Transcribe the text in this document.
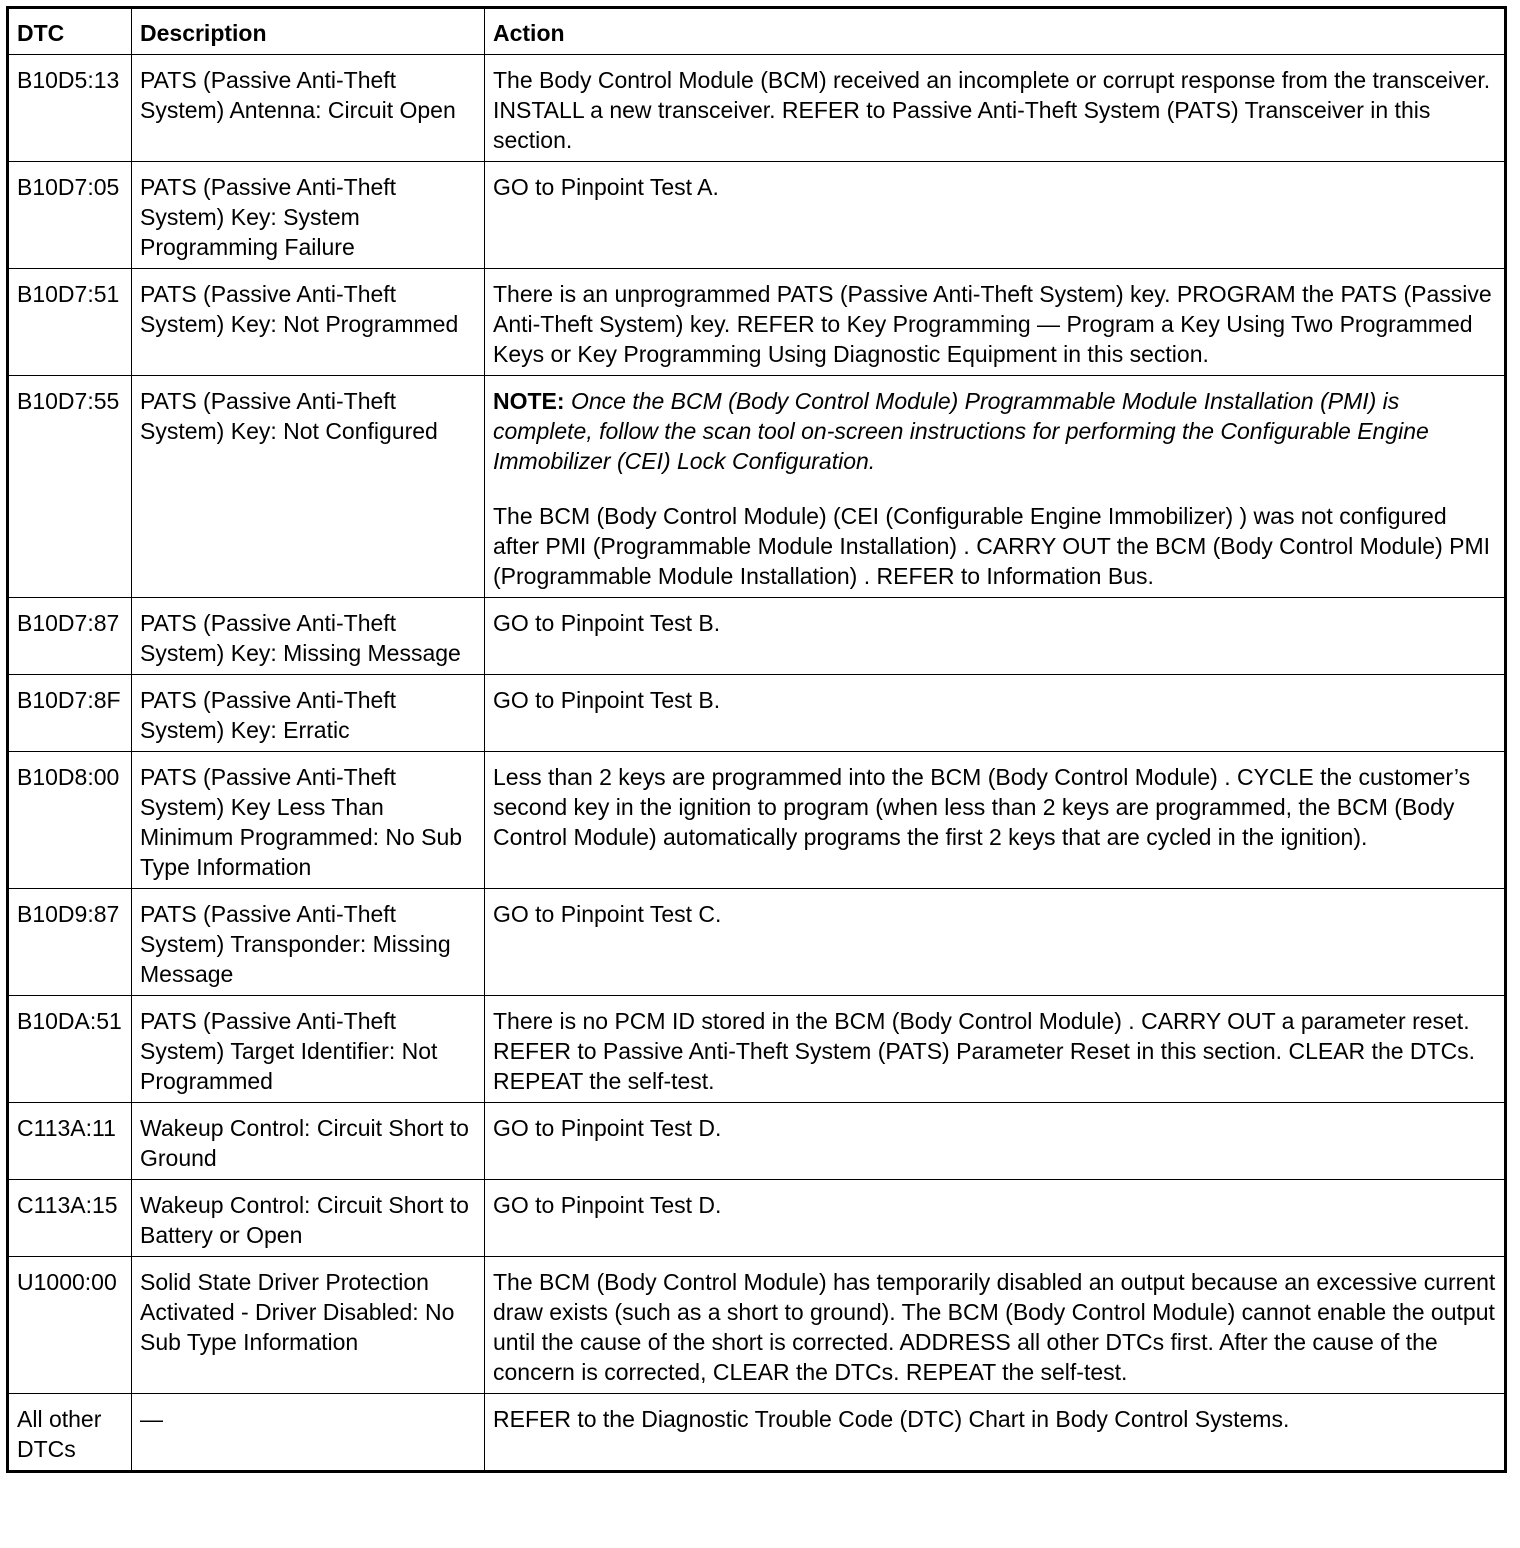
DTC	Description	Action
B10D5:13	PATS (Passive Anti-Theft System) Antenna: Circuit Open	The Body Control Module (BCM) received an incomplete or corrupt response from the transceiver. INSTALL a new transceiver. REFER to Passive Anti-Theft System (PATS) Transceiver in this section.
B10D7:05	PATS (Passive Anti-Theft System) Key: System Programming Failure	GO to Pinpoint Test A.
B10D7:51	PATS (Passive Anti-Theft System) Key: Not Programmed	There is an unprogrammed PATS (Passive Anti-Theft System) key. PROGRAM the PATS (Passive Anti-Theft System) key. REFER to Key Programming — Program a Key Using Two Programmed Keys or Key Programming Using Diagnostic Equipment in this section.
B10D7:55	PATS (Passive Anti-Theft System) Key: Not Configured	NOTE: Once the BCM (Body Control Module) Programmable Module Installation (PMI) is complete, follow the scan tool on-screen instructions for performing the Configurable Engine Immobilizer (CEI) Lock Configuration.
The BCM (Body Control Module) (CEI (Configurable Engine Immobilizer) ) was not configured after PMI (Programmable Module Installation) . CARRY OUT the BCM (Body Control Module) PMI (Programmable Module Installation) . REFER to Information Bus.
B10D7:87	PATS (Passive Anti-Theft System) Key: Missing Message	GO to Pinpoint Test B.
B10D7:8F	PATS (Passive Anti-Theft System) Key: Erratic	GO to Pinpoint Test B.
B10D8:00	PATS (Passive Anti-Theft System) Key Less Than Minimum Programmed: No Sub Type Information	Less than 2 keys are programmed into the BCM (Body Control Module) . CYCLE the customer’s second key in the ignition to program (when less than 2 keys are programmed, the BCM (Body Control Module) automatically programs the first 2 keys that are cycled in the ignition).
B10D9:87	PATS (Passive Anti-Theft System) Transponder: Missing Message	GO to Pinpoint Test C.
B10DA:51	PATS (Passive Anti-Theft System) Target Identifier: Not Programmed	There is no PCM ID stored in the BCM (Body Control Module) . CARRY OUT a parameter reset. REFER to Passive Anti-Theft System (PATS) Parameter Reset in this section. CLEAR the DTCs. REPEAT the self-test.
C113A:11	Wakeup Control: Circuit Short to Ground	GO to Pinpoint Test D.
C113A:15	Wakeup Control: Circuit Short to Battery or Open	GO to Pinpoint Test D.
U1000:00	Solid State Driver Protection Activated - Driver Disabled: No Sub Type Information	The BCM (Body Control Module) has temporarily disabled an output because an excessive current draw exists (such as a short to ground). The BCM (Body Control Module) cannot enable the output until the cause of the short is corrected. ADDRESS all other DTCs first. After the cause of the concern is corrected, CLEAR the DTCs. REPEAT the self-test.
All other DTCs	—	REFER to the Diagnostic Trouble Code (DTC) Chart in Body Control Systems.
